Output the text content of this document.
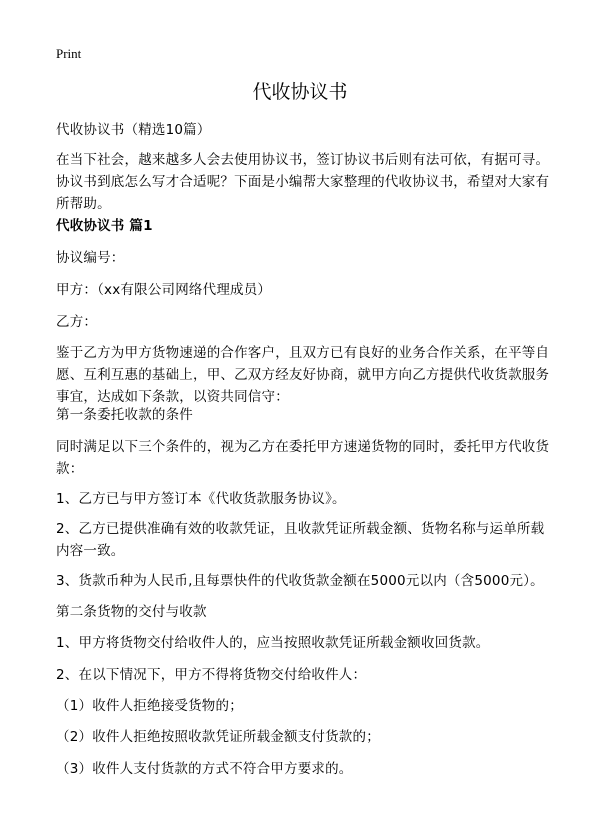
Print
代收协议书

代收协议书（精选10篇）

在当下社会，越来越多人会去使用协议书，签订协议书后则有法可依，有据可寻。协议书到底怎么写才合适呢？下面是小编帮大家整理的代收协议书，希望对大家有所帮助。

代收协议书 篇1

协议编号：

甲方：（xx有限公司网络代理成员）

乙方：

鉴于乙方为甲方货物速递的合作客户，且双方已有良好的业务合作关系，在平等自愿、互利互惠的基础上，甲、乙双方经友好协商，就甲方向乙方提供代收货款服务事宜，达成如下条款，以资共同信守：

第一条委托收款的条件

同时满足以下三个条件的，视为乙方在委托甲方速递货物的同时，委托甲方代收货款：

1、乙方已与甲方签订本《代收货款服务协议》。

2、乙方已提供准确有效的收款凭证，且收款凭证所载金额、货物名称与运单所载内容一致。

3、货款币种为人民币,且每票快件的代收货款金额在5000元以内（含5000元）。

第二条货物的交付与收款

1、甲方将货物交付给收件人的，应当按照收款凭证所载金额收回货款。

2、在以下情况下，甲方不得将货物交付给收件人：

（1）收件人拒绝接受货物的；

（2）收件人拒绝按照收款凭证所载金额支付货款的；

（3）收件人支付货款的方式不符合甲方要求的。
